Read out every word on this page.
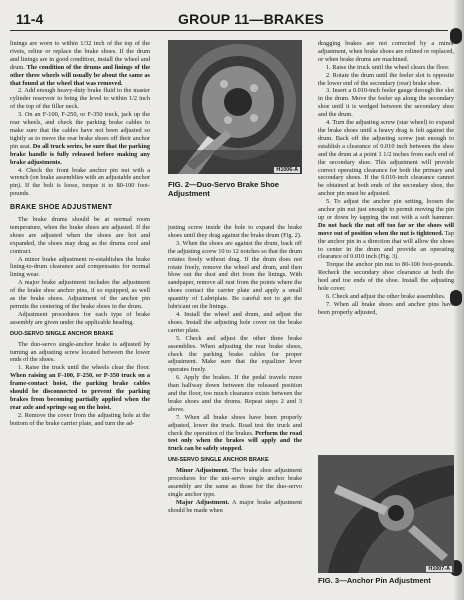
11-4	GROUP 11—BRAKES

linings are worn to within 1/32 inch of the top of the rivets, reline or replace the brake shoes. If the drum and linings are in good condition, install the wheel and drum. The condition of the drums and linings of the other three wheels will usually be about the same as that found at the wheel that was removed.

2. Add enough heavy-duty brake fluid to the master cylinder reservoir to bring the level to within 1/2 inch of the top of the filler neck.

3. On an F-100, F-250, or F-350 truck, jack up the rear wheels, and check the parking brake cables to make sure that the cables have not been adjusted so tightly as to move the rear brake shoes off their anchor pin seat. Do all truck series, be sure that the parking brake handle is fully released before making any brake adjustments.

4. Check the front brake anchor pin nut with a wrench (on brake assemblies with an adjustable anchor pin). If the bolt is loose, torque it to 80-100 foot-pounds.

BRAKE SHOE ADJUSTMENT

The brake drums should be at normal room temperature, when the brake shoes are adjusted. If the shoes are adjusted when the shoes are hot and expanded, the shoes may drag as the drums cool and contract.

A minor brake adjustment re-establishes the brake lining-to-drum clearance and compensates for normal lining wear.

A major brake adjustment includes the adjustment of the brake shoe anchor pins, if so equipped, as well as the brake shoes. Adjustment of the anchor pin permits the centering of the brake shoes in the drum.

Adjustment procedures for each type of brake assembly are given under the applicable heading.

DUO-SERVO SINGLE ANCHOR BRAKE

The duo-servo single-anchor brake is adjusted by turning an adjusting screw located between the lower ends of the shoes.

1. Raise the truck until the wheels clear the floor. When raising an F-100, F-250, or P-350 truck on a frame-contact hoist, the parking brake cables should be disconnected to prevent the parking brakes from becoming partially applied when the rear axle and springs sag on the hoist.

2. Remove the cover from the adjusting hole at the bottom of the brake carrier plate, and turn the ad-

H1006-A
FIG. 2—Duo-Servo Brake Shoe Adjustment

justing screw inside the hole to expand the brake shoes until they drag against the brake drum (Fig. 2).

3. When the shoes are against the drum, back off the adjusting screw 10 to 12 notches so that the drum rotates freely without drag. If the drum does not rotate freely, remove the wheel and drum, and then blow out the dust and dirt from the linings. With sandpaper, remove all rust from the points where the shoes contact the carrier plate and apply a small quantity of Lubriplate. Be careful not to get the lubricant on the linings.

4. Install the wheel and drum, and adjust the shoes. Install the adjusting hole cover on the brake carrier plate.

5. Check and adjust the other three brake assemblies. When adjusting the rear brake shoes, check the parking brake cables for proper adjustment. Make sure that the equalizer lever operates freely.

6. Apply the brakes. If the pedal travels more than halfway down between the released position and the floor, too much clearance exists between the brake shoes and the drums. Repeat steps 2 and 3 above.

7. When all brake shoes have been properly adjusted, lower the truck. Road test the truck and check the operation of the brakes. Perform the road test only when the brakes will apply and the truck can be safely stopped.

UNI-SERVO SINGLE ANCHOR BRAKE

Minor Adjustment. The brake shoe adjustment procedures for the uni-servo single anchor brake assembly are the same as those for the duo-servo single anchor type.

Major Adjustment. A major brake adjustment should be made when

dragging brakes are not corrected by a minor adjustment, when brake shoes are relined or replaced, or when brake drums are machined.

1. Raise the truck until the wheel clears the floor.

2. Rotate the drum until the feeler slot is opposite the lower end of the secondary (rear) brake shoe.

3. Insert a 0.010-inch feeler gauge through the slot in the drum. Move the feeler up along the secondary shoe until it is wedged between the secondary shoe and the drum.

4. Turn the adjusting screw (star wheel) to expand the brake shoes until a heavy drag is felt against the drum. Back off the adjusting screw just enough to establish a clearance of 0.010 inch between the shoe and the drum at a point 1 1/2 inches from each end of the secondary shoe. This adjustment will provide correct operating clearance for both the primary and secondary shoes. If the 0.010-inch clearance cannot be obtained at both ends of the secondary shoe, the anchor pin must be adjusted.

5. To adjust the anchor pin setting, loosen the anchor pin nut just enough to permit moving the pin up or down by tapping the nut with a soft hammer. Do not back the nut off too far or the shoes will move out of position when the nut is tightened. Tap the anchor pin in a direction that will allow the shoes to center in the drum and provide an operating clearance of 0.010 inch (Fig. 3).

Torque the anchor pin nut to 80-100 foot-pounds. Recheck the secondary shoe clearance at both the heel and toe ends of the shoe. Install the adjusting hole cover.

6. Check and adjust the other brake assemblies.

7. When all brake shoes and anchor pins have been properly adjusted,

H1007-A
FIG. 3—Anchor Pin Adjustment
